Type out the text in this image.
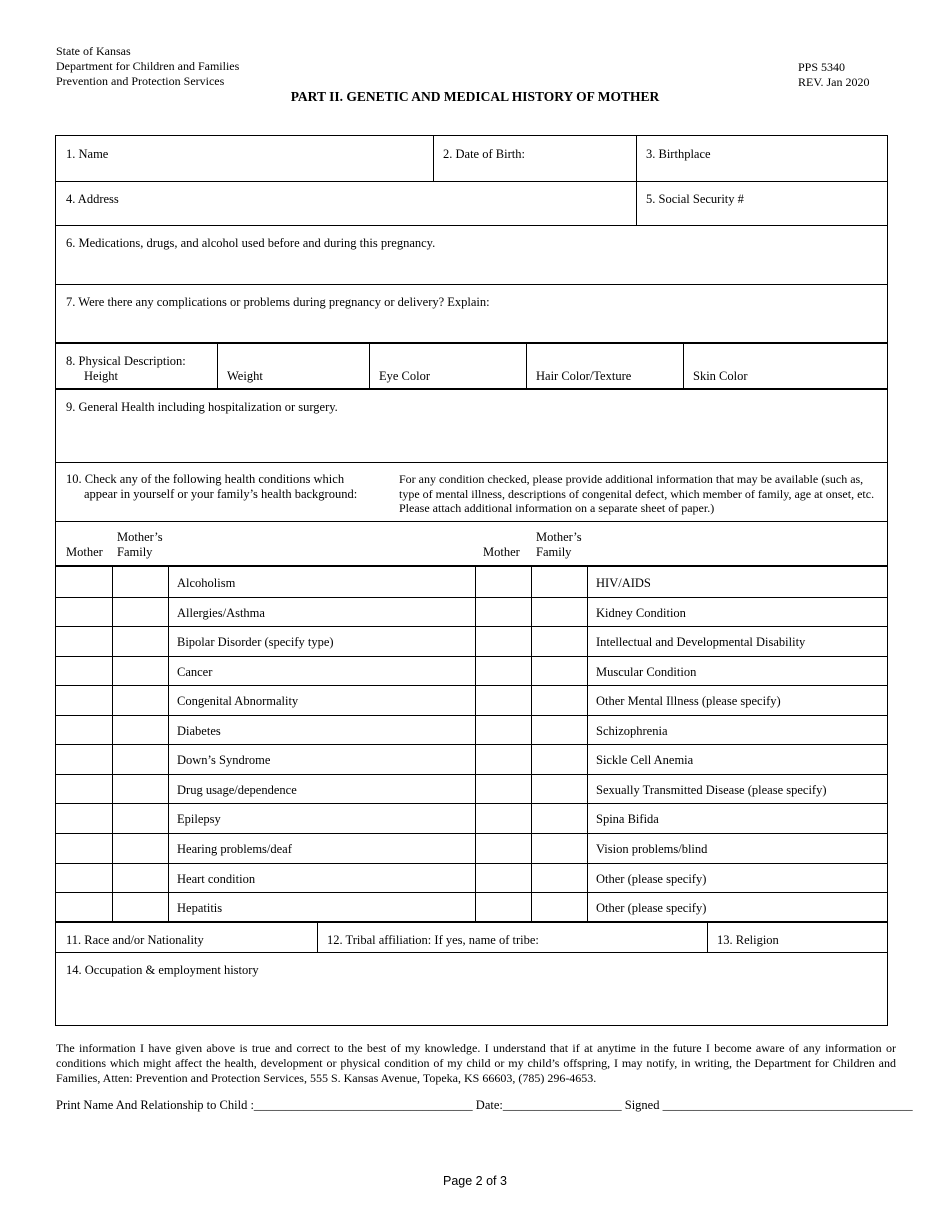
State of Kansas
Department for Children and Families
Prevention and Protection Services
PPS 5340
REV. Jan 2020
PART II. GENETIC AND MEDICAL HISTORY OF MOTHER
1. Name	2. Date of Birth:	3. Birthplace
4. Address	5. Social Security #
6. Medications, drugs, and alcohol used before and during this pregnancy.
7. Were there any complications or problems during pregnancy or delivery? Explain:
8. Physical Description:
Height	Weight	Eye Color	Hair Color/Texture	Skin Color
9. General Health including hospitalization or surgery.
10. Check any of the following health conditions which
appear in yourself or your family’s health background:
For any condition checked, please provide additional information that may be available (such as, type of mental illness, descriptions of congenital defect, which member of family, age at onset, etc. Please attach additional information on a separate sheet of paper.)
Mother
Mother’s
Family	Mother
Mother’s
Family
11. Race and/or Nationality	12. Tribal affiliation: If yes, name of tribe:	13. Religion
14. Occupation & employment history
Alcoholism	HIV/AIDS
Allergies/Asthma	Kidney Condition
Bipolar Disorder (specify type)	Intellectual and Developmental Disability
Cancer	Muscular Condition
Congenital Abnormality	Other Mental Illness (please specify)
Diabetes	Schizophrenia
Down’s Syndrome	Sickle Cell Anemia
Drug usage/dependence	Sexually Transmitted Disease (please specify)
Epilepsy	Spina Bifida
Hearing problems/deaf	Vision problems/blind
Heart condition	Other (please specify)
Hepatitis	Other (please specify)
The information I have given above is true and correct to the best of my knowledge. I understand that if at anytime in the future I become aware of any information or conditions which might affect the health, development or physical condition of my child or my child’s offspring, I may notify, in writing, the Department for Children and Families, Atten: Prevention and Protection Services, 555 S. Kansas Avenue, Topeka, KS 66603, (785) 296-4653.
Print Name And Relationship to Child :___________________________________ Date:___________________ Signed ________________________________________
Page 2 of 3
